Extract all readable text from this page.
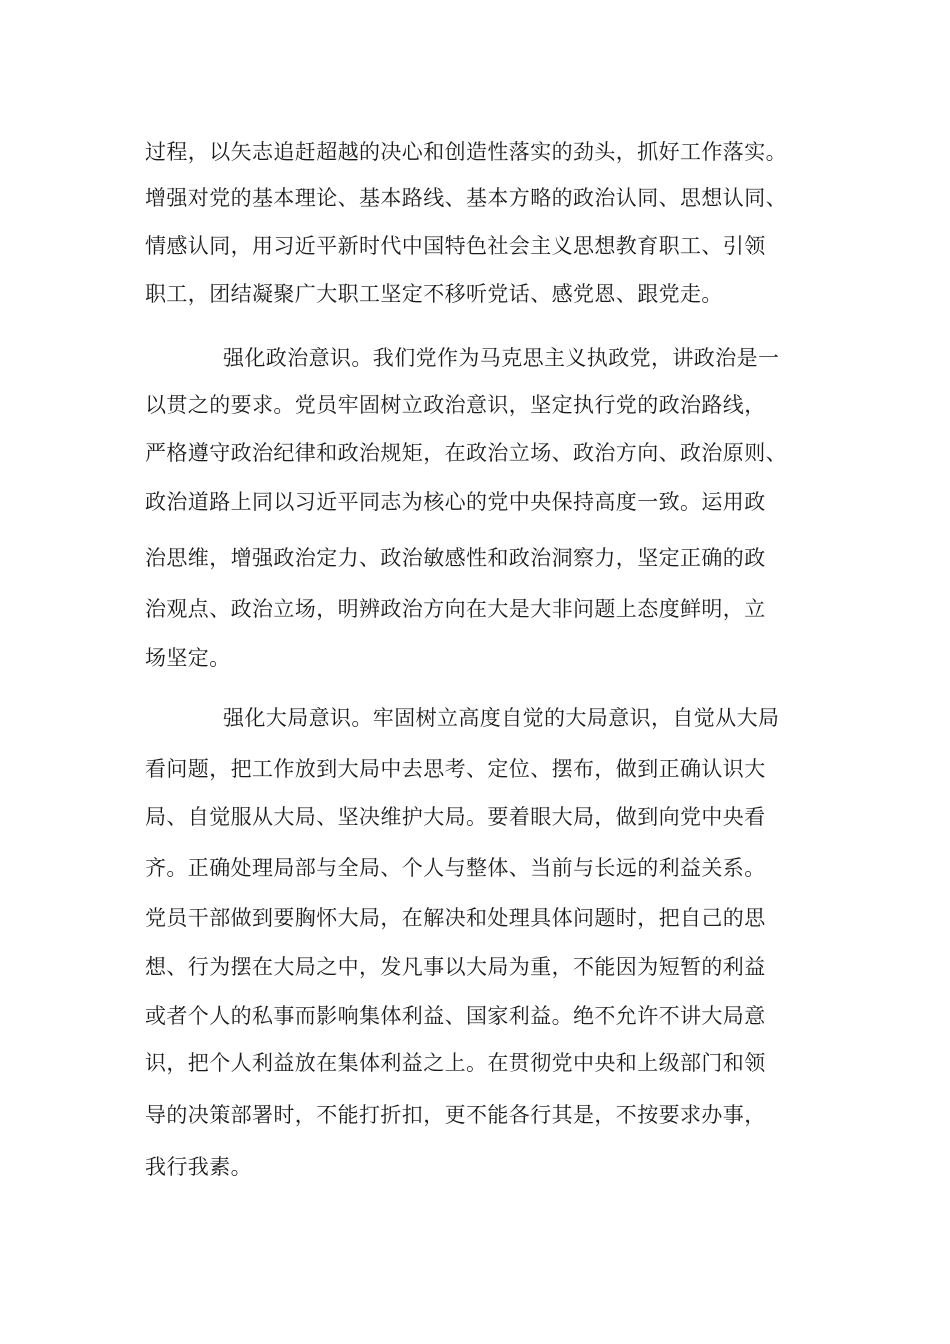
过程，以矢志追赶超越的决心和创造性落实的劲头，抓好工作落实。
增强对党的基本理论、基本路线、基本方略的政治认同、思想认同、
情感认同，用习近平新时代中国特色社会主义思想教育职工、引领
职工，团结凝聚广大职工坚定不移听党话、感党恩、跟党走。
强化政治意识。我们党作为马克思主义执政党，讲政治是一
以贯之的要求。党员牢固树立政治意识，坚定执行党的政治路线，
严格遵守政治纪律和政治规矩，在政治立场、政治方向、政治原则、
政治道路上同以习近平同志为核心的党中央保持高度一致。运用政
治思维，增强政治定力、政治敏感性和政治洞察力，坚定正确的政
治观点、政治立场，明辨政治方向在大是大非问题上态度鲜明，立
场坚定。
强化大局意识。牢固树立高度自觉的大局意识，自觉从大局
看问题，把工作放到大局中去思考、定位、摆布，做到正确认识大
局、自觉服从大局、坚决维护大局。要着眼大局，做到向党中央看
齐。正确处理局部与全局、个人与整体、当前与长远的利益关系。
党员干部做到要胸怀大局，在解决和处理具体问题时，把自己的思
想、行为摆在大局之中，发凡事以大局为重，不能因为短暂的利益
或者个人的私事而影响集体利益、国家利益。绝不允许不讲大局意
识，把个人利益放在集体利益之上。在贯彻党中央和上级部门和领
导的决策部署时，不能打折扣，更不能各行其是，不按要求办事，
我行我素。
